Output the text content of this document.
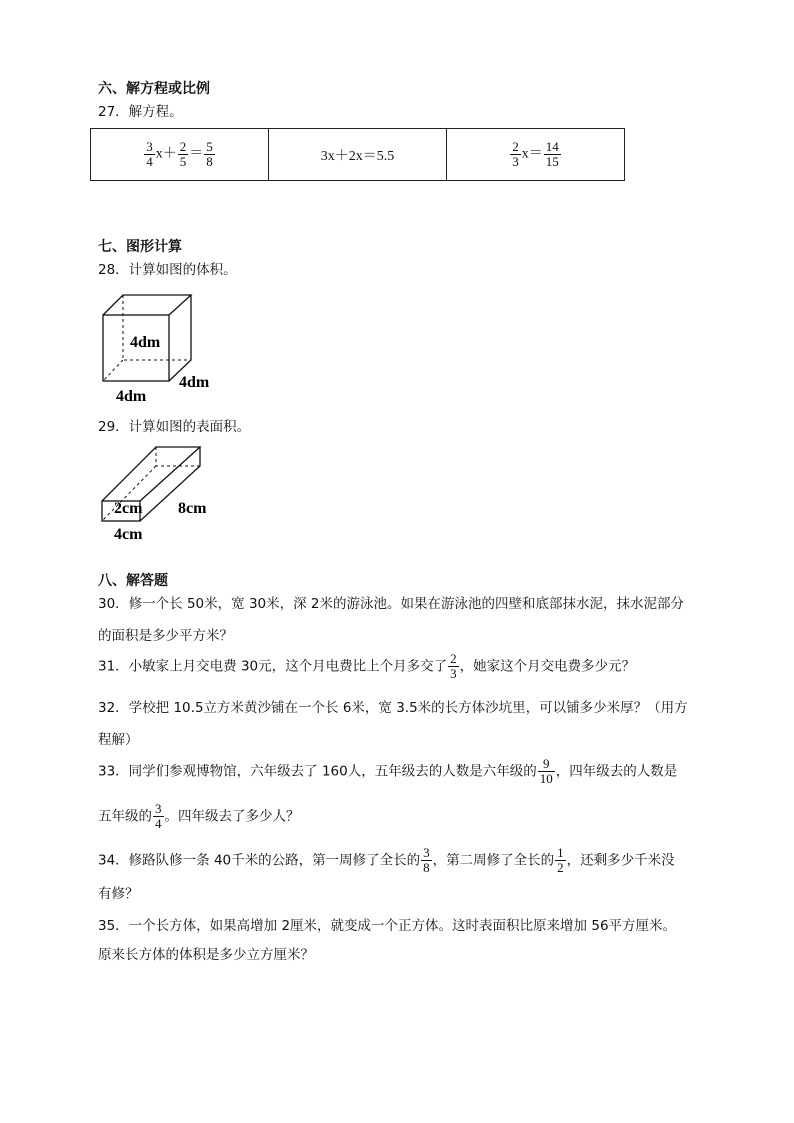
六、解方程或比例
27．解方程。
$\frac{3}{4} x+ \frac{2}{5} = \frac{5}{8}$	3x＋2x＝5.5	$\frac{2}{3} x= \frac{14}{15}$
七、图形计算
28．计算如图的体积。
4dm
4dm
4dm
29．计算如图的表面积。
2cm 8cm
4cm
八、解答题
30．修一个长 50米，宽 30米，深 2米的游泳池。如果在游泳池的四壁和底部抹水泥，抹水泥部分
的面积是多少平方米？
31．小敏家上月交电费 30元，这个月电费比上个月多交了 $\frac{2}{3}$ ，她家这个月交电费多少元？
32．学校把 10.5立方米黄沙铺在一个长 6米，宽 3.5米的长方体沙坑里，可以铺多少米厚？（用方
程解）
33．同学们参观博物馆，六年级去了 160人，五年级去的人数是六年级的 $\frac{9}{10}$ ，四年级去的人数是
五年级的 $\frac{3}{4}$ 。四年级去了多少人？
34．修路队修一条 40千米的公路，第一周修了全长的 $\frac{3}{8}$ ，第二周修了全长的 $\frac{1}{2}$ ，还剩多少千米没
有修？
35．一个长方体，如果高增加 2厘米，就变成一个正方体。这时表面积比原来增加 56平方厘米。
原来长方体的体积是多少立方厘米？
